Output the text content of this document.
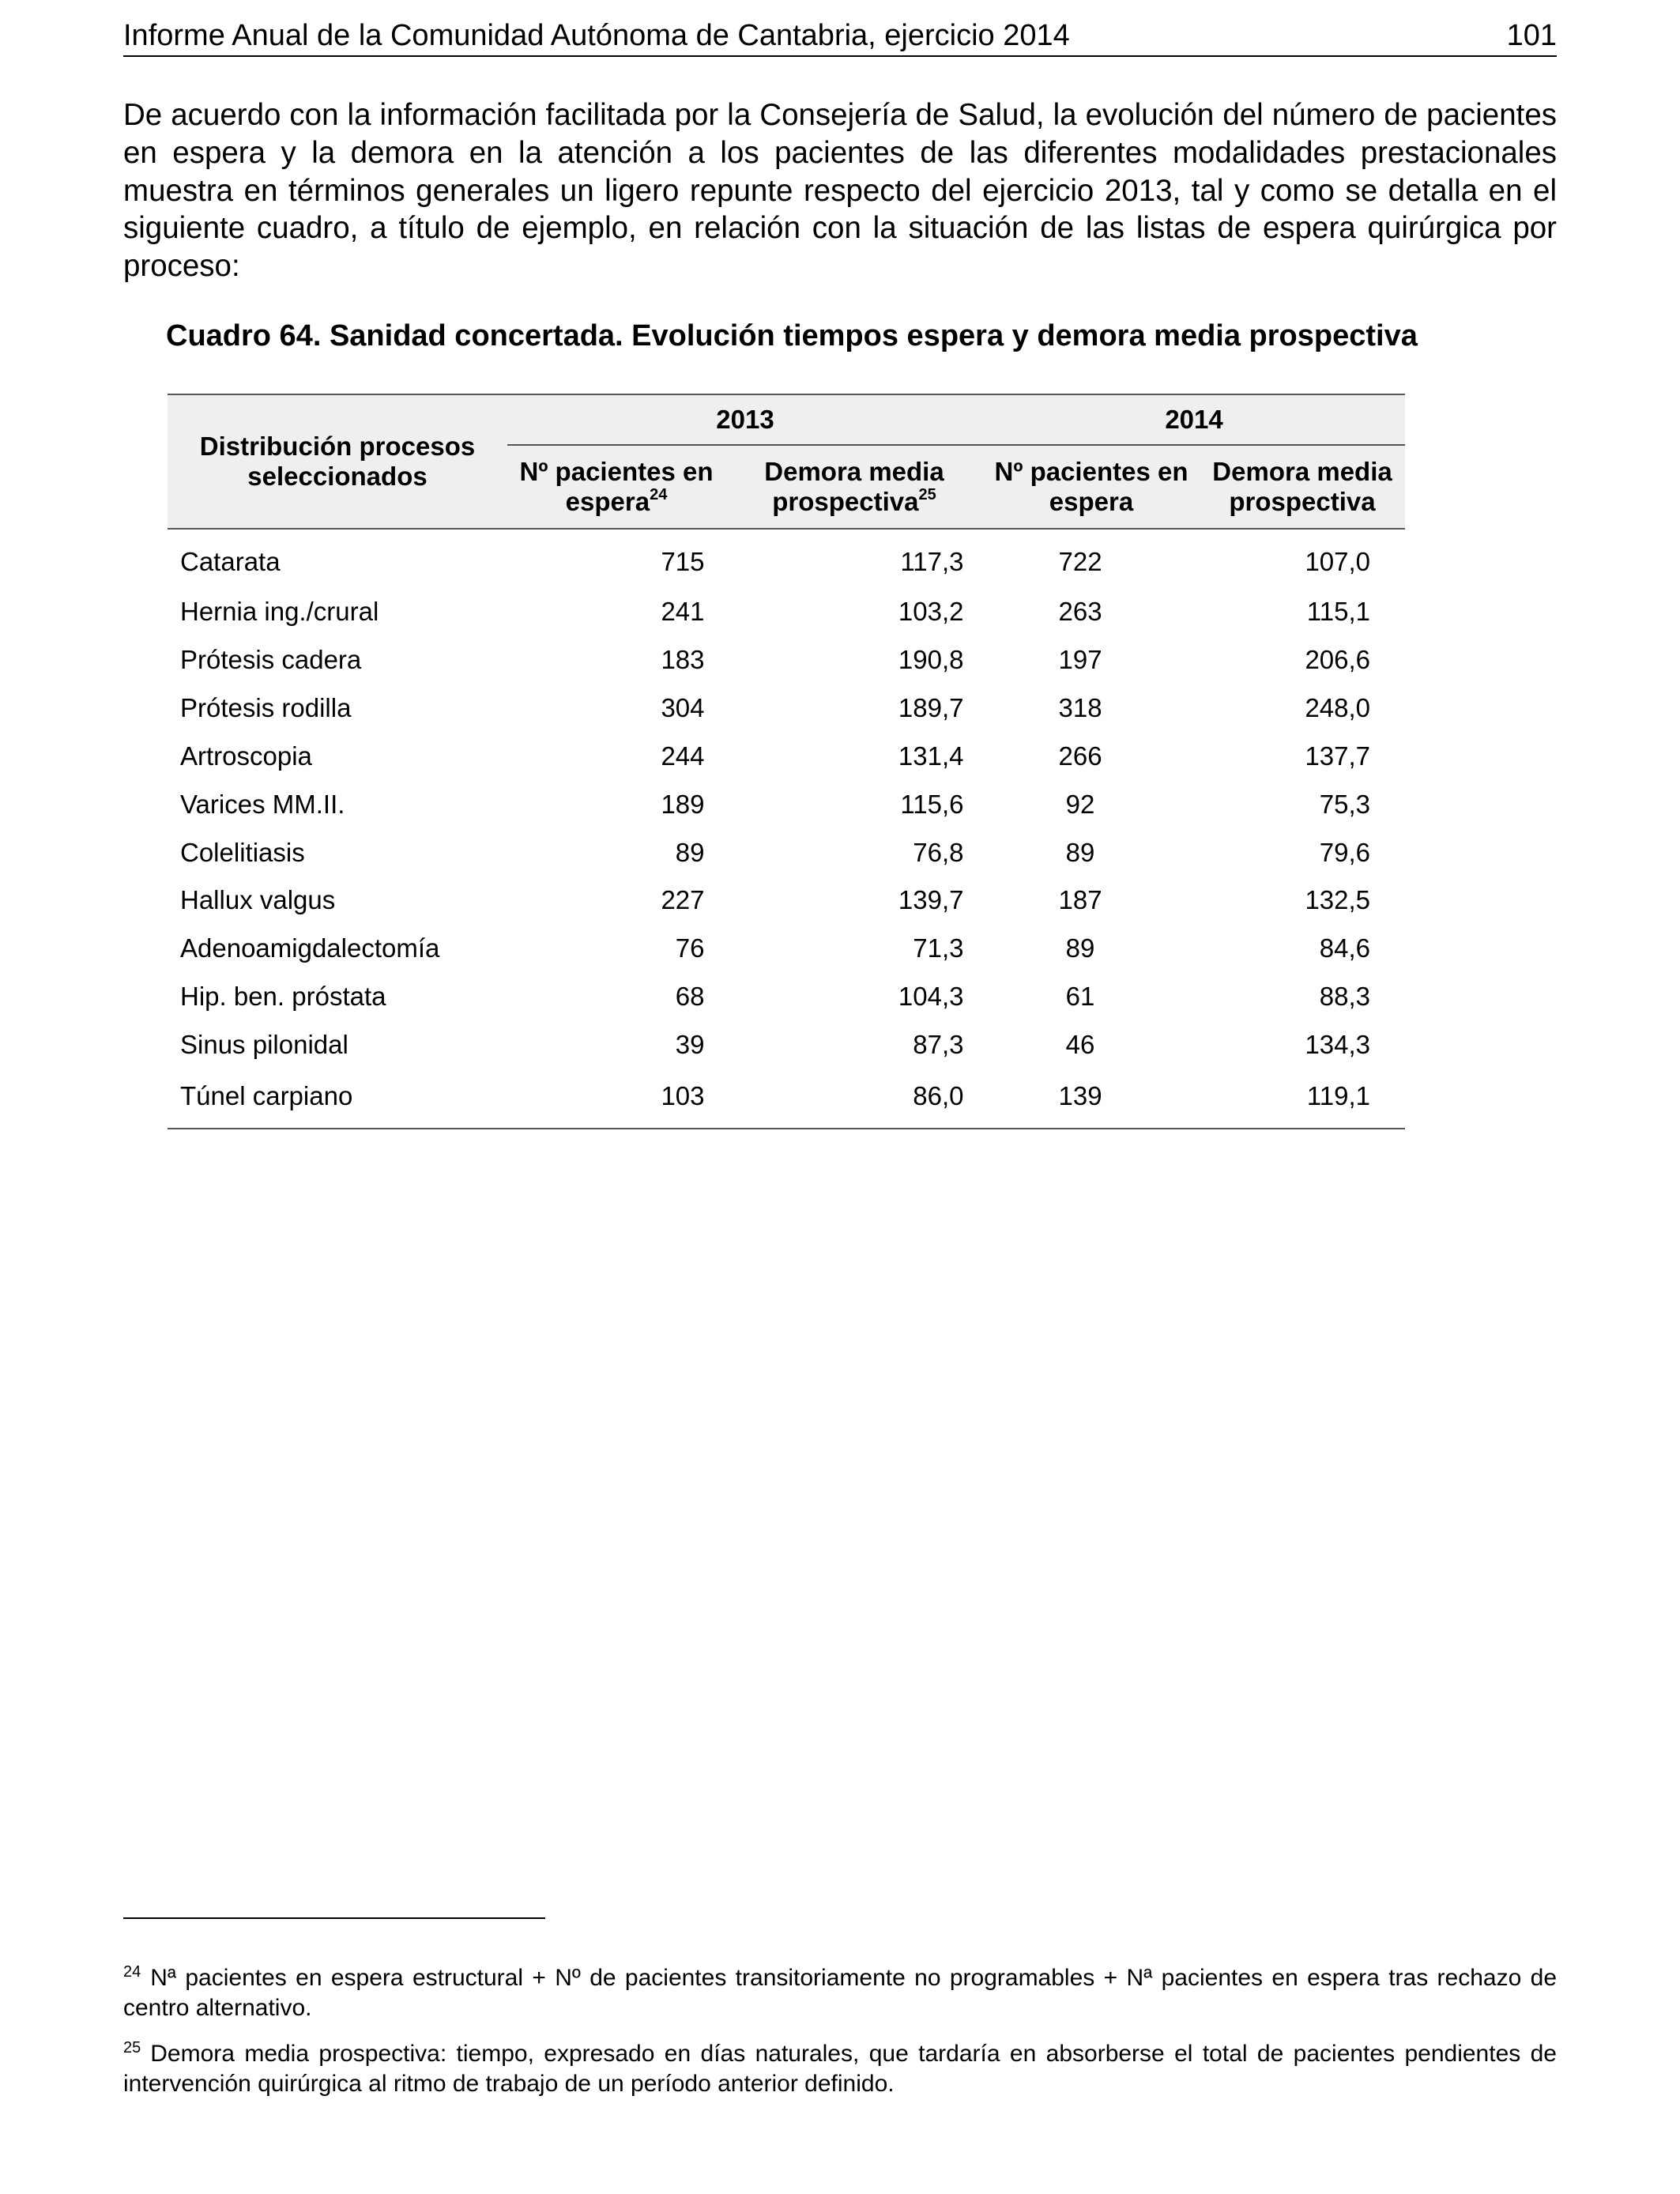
Informe Anual de la Comunidad Autónoma de Cantabria, ejercicio 2014	101

De acuerdo con la información facilitada por la Consejería de Salud, la evolución del número de pacientes en espera y la demora en la atención a los pacientes de las diferentes modalidades prestacionales muestra en términos generales un ligero repunte respecto del ejercicio 2013, tal y como se detalla en el siguiente cuadro, a título de ejemplo, en relación con la situación de las listas de espera quirúrgica por proceso:

Cuadro 64. Sanidad concertada. Evolución tiempos espera y demora media prospectiva
Distribución procesos seleccionados	2013		2014	
	Nº pacientes en espera$^{24}$	Demora media prospectiva$^{25}$	Nº pacientes en espera	Demora media prospectiva
Catarata	715	117,3	722	107,0
Hernia ing./crural	241	103,2	263	115,1
Prótesis cadera	183	190,8	197	206,6
Prótesis rodilla	304	189,7	318	248,0
Artroscopia	244	131,4	266	137,7
Varices MM.II.	189	115,6	92	75,3
Colelitiasis	89	76,8	89	79,6
Hallux valgus	227	139,7	187	132,5
Adenoamigdalectomía	76	71,3	89	84,6
Hip. ben. próstata	68	104,3	61	88,3
Sinus pilonidal	39	87,3	46	134,3
Túnel carpiano	103	86,0	139	119,1

$^{24}$ Nª pacientes en espera estructural + Nº de pacientes transitoriamente no programables + Nª pacientes en espera tras rechazo de centro alternativo.

$^{25}$ Demora media prospectiva: tiempo, expresado en días naturales, que tardaría en absorberse el total de pacientes pendientes de intervención quirúrgica al ritmo de trabajo de un período anterior definido.
